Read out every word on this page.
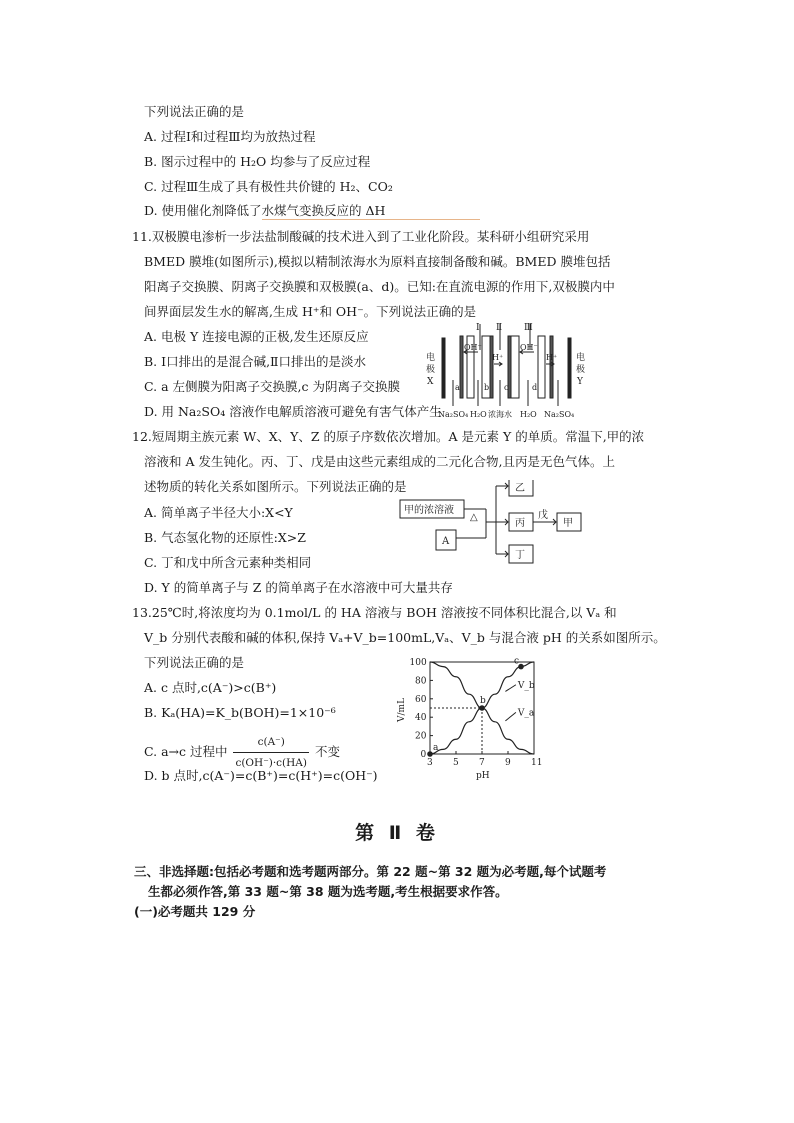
下列说法正确的是
A. 过程Ⅰ和过程Ⅲ均为放热过程
B. 图示过程中的 H₂O 均参与了反应过程
C. 过程Ⅲ生成了具有极性共价键的 H₂、CO₂
D. 使用催化剂降低了水煤气变换反应的 ΔH
11.双极膜电渗析一步法盐制酸碱的技术进入到了工业化阶段。某科研小组研究采用
BMED 膜堆(如图所示),模拟以精制浓海水为原料直接制备酸和碱。BMED 膜堆包括
阳离子交换膜、阴离子交换膜和双极膜(a、d)。已知:在直流电源的作用下,双极膜内中
间界面层发生水的解离,生成 H⁺和 OH⁻。下列说法正确的是
A. 电极 Y 连接电源的正极,发生还原反应
B. Ⅰ口排出的是混合碱,Ⅱ口排出的是淡水
C. a 左侧膜为阳离子交换膜,c 为阴离子交换膜
D. 用 Na₂SO₄ 溶液作电解质溶液可避免有害气体产生
Ⅰ Ⅱ Ⅲ
电
极
X
电
极
Y
OH⁻
H⁺
OH⁻
H⁺
a	b c	d
Na₂SO₄ H₂O 浓海水 H₂O Na₂SO₄
12.短周期主族元素 W、X、Y、Z 的原子序数依次增加。A 是元素 Y 的单质。常温下,甲的浓
溶液和 A 发生钝化。丙、丁、戊是由这些元素组成的二元化合物,且丙是无色气体。上
述物质的转化关系如图所示。下列说法正确的是
A. 简单离子半径大小:X<Y
B. 气态氢化物的还原性:X>Z
C. 丁和戊中所含元素种类相同
D. Y 的简单离子与 Z 的简单离子在水溶液中可大量共存
甲的浓溶液
A
△
乙
丙
丁
戊
甲
13.25℃时,将浓度均为 0.1mol/L 的 HA 溶液与 BOH 溶液按不同体积比混合,以 Vₐ 和
V_b 分别代表酸和碱的体积,保持 Vₐ+V_b=100mL,Vₐ、V_b 与混合液 pH 的关系如图所示。
下列说法正确的是
A. c 点时,c(A⁻)>c(B⁺)
B. Kₐ(HA)=K_b(BOH)=1×10⁻⁶
C. a→c 过程中 $\frac{c(A^-)}{c(OH^-)\cdot c(HA)}$ 不变
D. b 点时,c(A⁻)=c(B⁺)=c(H⁺)=c(OH⁻)
3 5 7 9 11
0
20
40
60
80
100
pH
V/mL
V_b
V_a
a
b
c
第 Ⅱ 卷
三、非选择题:包括必考题和选考题两部分。第 22 题~第 32 题为必考题,每个试题考
生都必须作答,第 33 题~第 38 题为选考题,考生根据要求作答。
(一)必考题共 129 分
